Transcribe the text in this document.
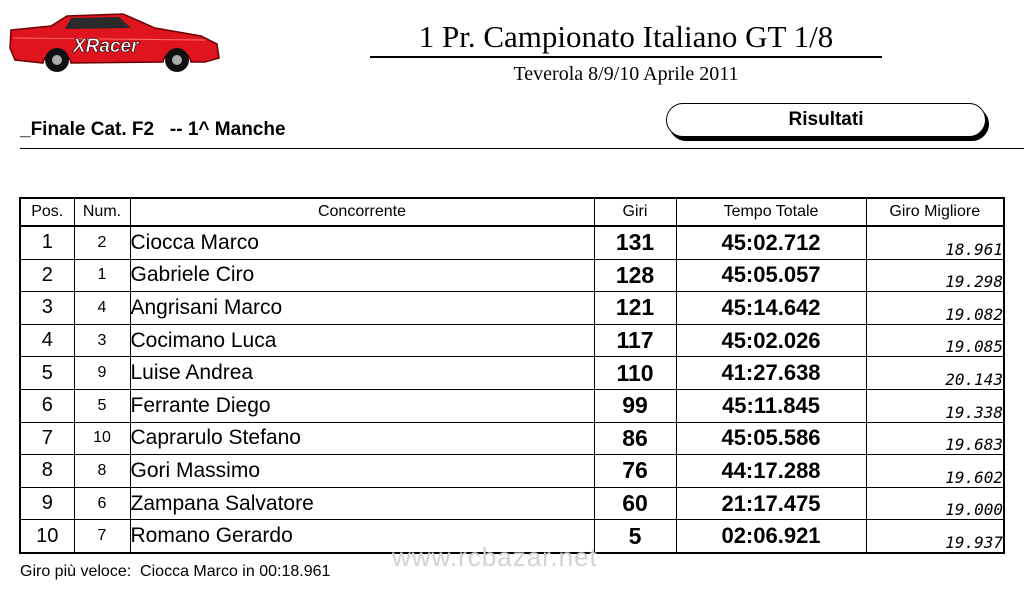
XRacer	1 Pr. Campionato Italiano GT 1/8
Teverola 8/9/10 Aprile 2011
_Finale Cat. F2   -- 1^ Manche	Risultati
Pos.	Num.	Concorrente	Giri	Tempo Totale	Giro Migliore
1	2	Ciocca Marco	131	45:02.712	18.961
2	1	Gabriele Ciro	128	45:05.057	19.298
3	4	Angrisani Marco	121	45:14.642	19.082
4	3	Cocimano Luca	117	45:02.026	19.085
5	9	Luise Andrea	110	41:27.638	20.143
6	5	Ferrante Diego	99	45:11.845	19.338
7	10	Caprarulo Stefano	86	45:05.586	19.683
8	8	Gori Massimo	76	44:17.288	19.602
9	6	Zampana Salvatore	60	21:17.475	19.000
10	7	Romano Gerardo	5	02:06.921	19.937
Giro più veloce:  Ciocca Marco in 00:18.961 www.rcbazar.net
